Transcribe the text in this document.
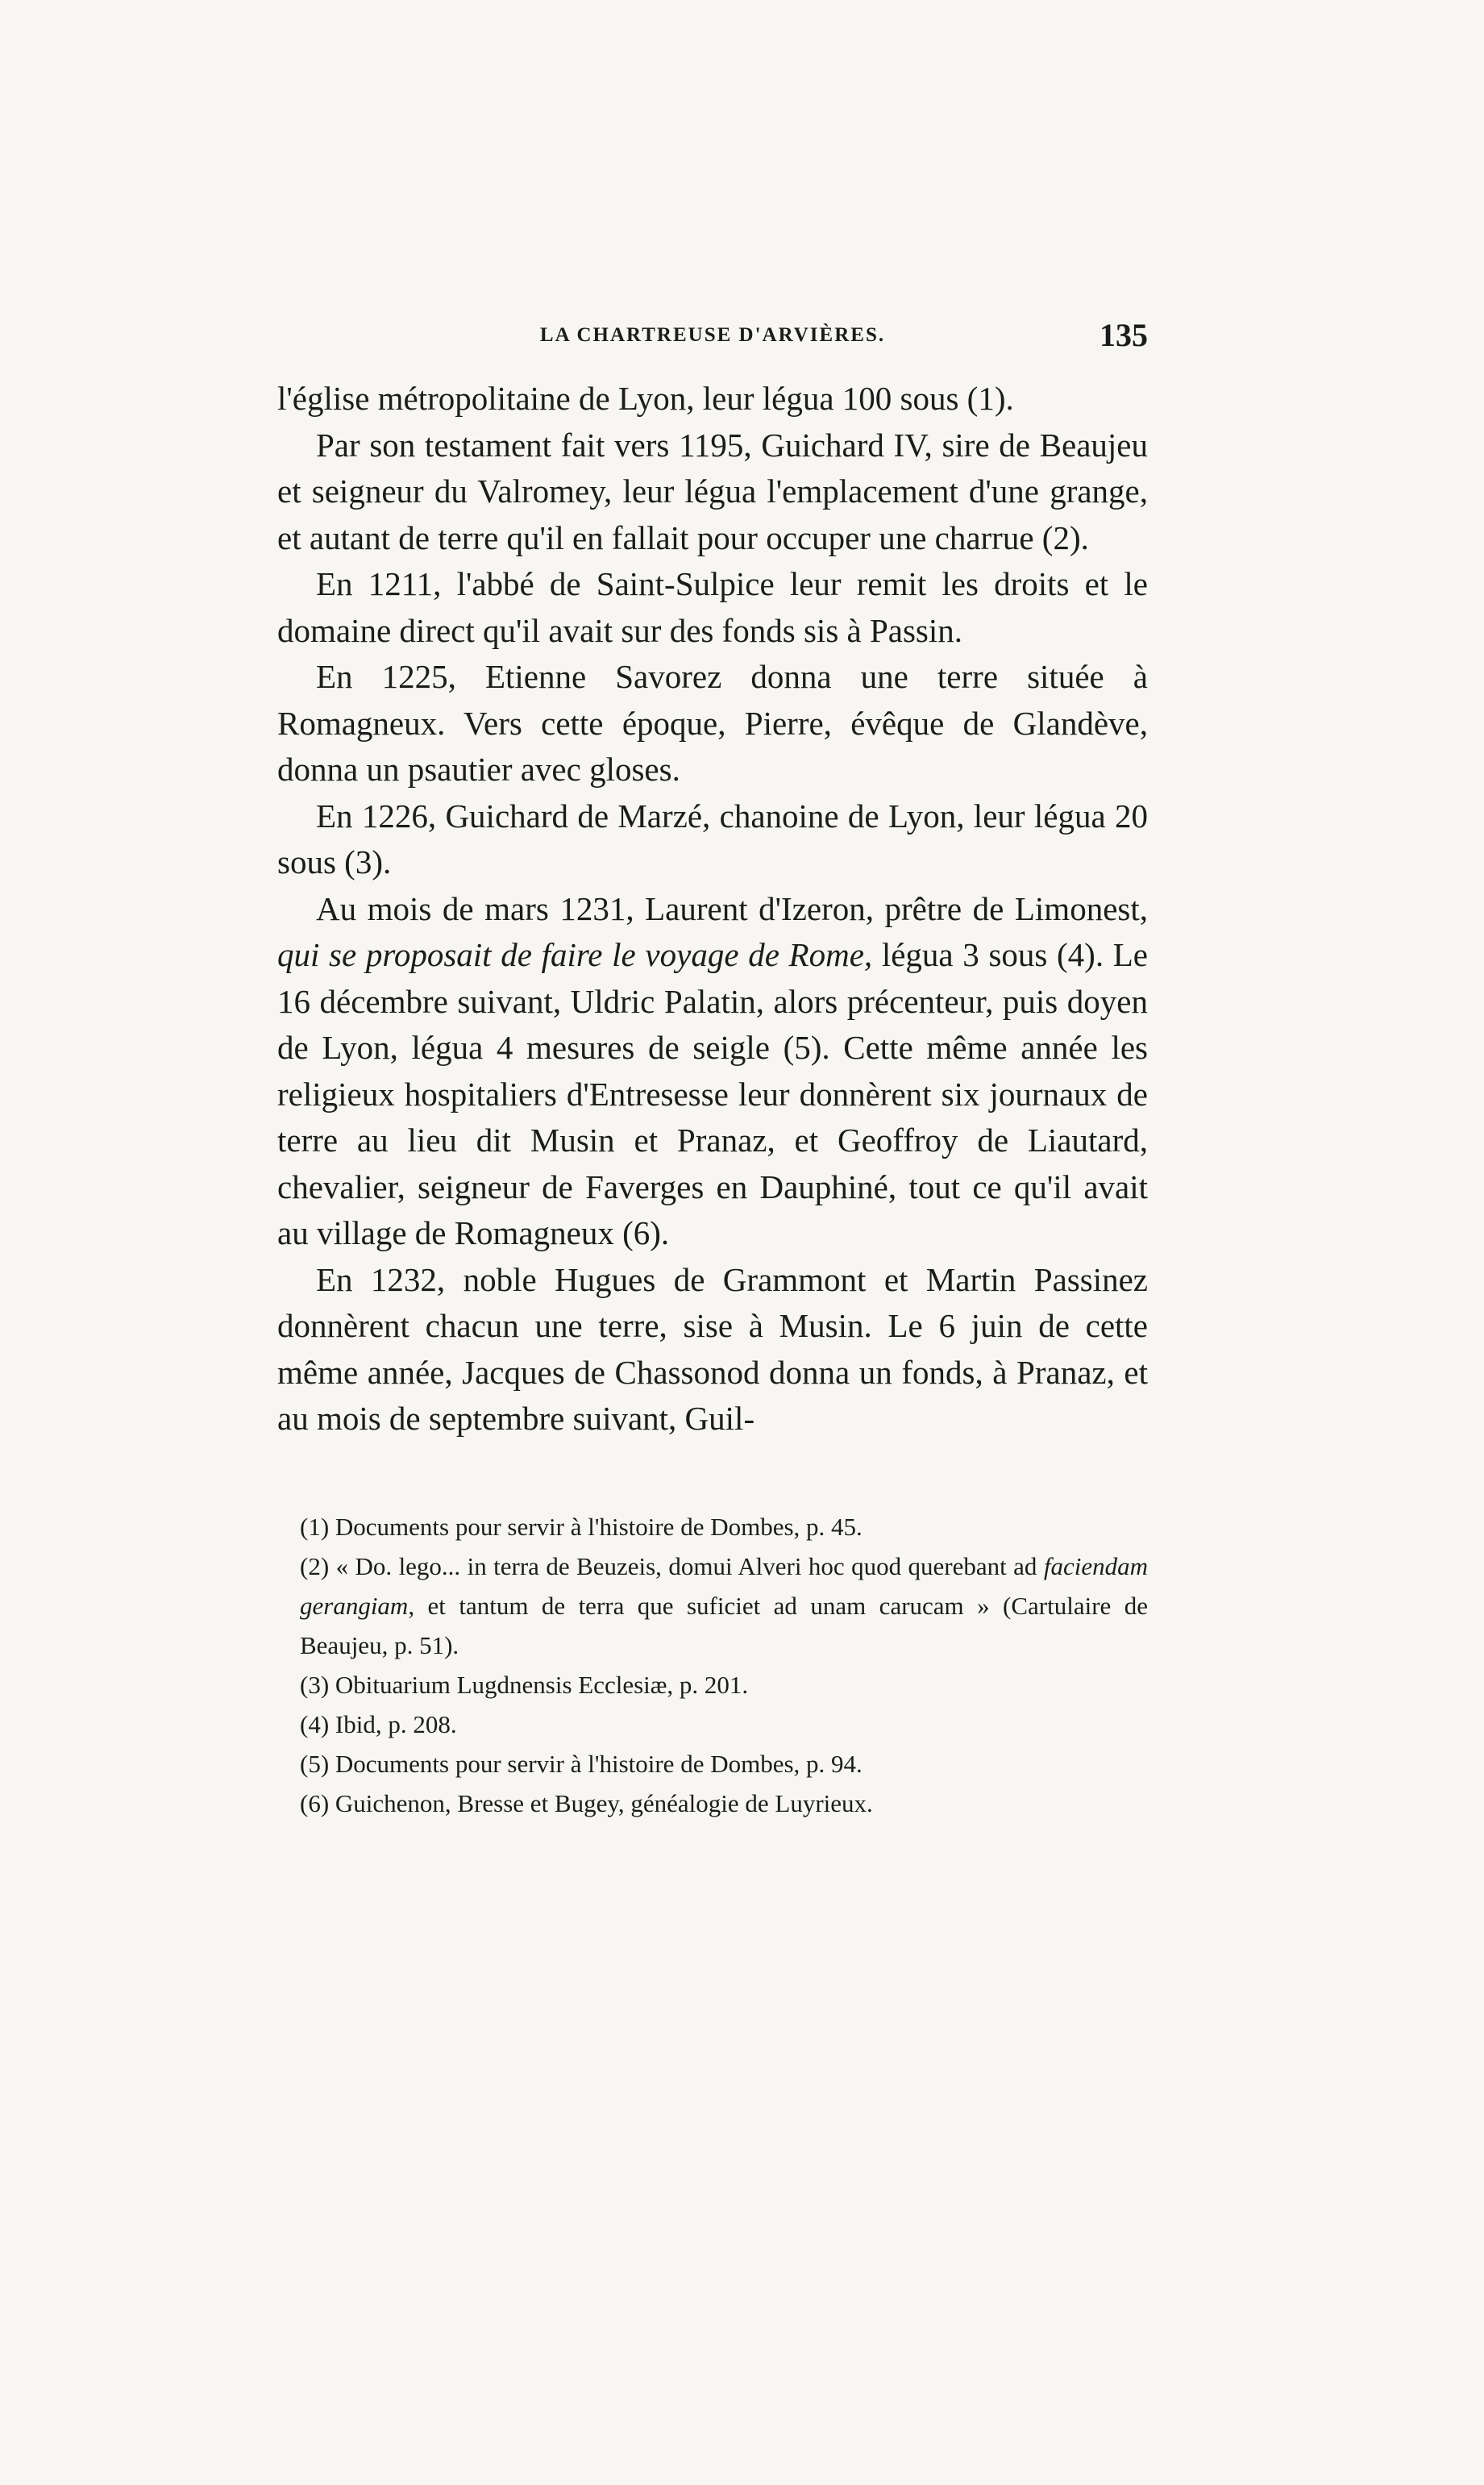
LA CHARTREUSE D'ARVIÈRES.	135

l'église métropolitaine de Lyon, leur légua 100 sous (1).

Par son testament fait vers 1195, Guichard IV, sire de Beaujeu et seigneur du Valromey, leur légua l'emplacement d'une grange, et autant de terre qu'il en fallait pour occuper une charrue (2).

En 1211, l'abbé de Saint-Sulpice leur remit les droits et le domaine direct qu'il avait sur des fonds sis à Passin.

En 1225, Etienne Savorez donna une terre située à Romagneux. Vers cette époque, Pierre, évêque de Glandève, donna un psautier avec gloses.

En 1226, Guichard de Marzé, chanoine de Lyon, leur légua 20 sous (3).

Au mois de mars 1231, Laurent d'Izeron, prêtre de Limonest, qui se proposait de faire le voyage de Rome, légua 3 sous (4). Le 16 décembre suivant, Uldric Palatin, alors précenteur, puis doyen de Lyon, légua 4 mesures de seigle (5). Cette même année les religieux hospitaliers d'Entresesse leur donnèrent six journaux de terre au lieu dit Musin et Pranaz, et Geoffroy de Liautard, chevalier, seigneur de Faverges en Dauphiné, tout ce qu'il avait au village de Romagneux (6).

En 1232, noble Hugues de Grammont et Martin Passinez donnèrent chacun une terre, sise à Musin. Le 6 juin de cette même année, Jacques de Chassonod donna un fonds, à Pranaz, et au mois de septembre suivant, Guil-

(1) Documents pour servir à l'histoire de Dombes, p. 45.

(2) « Do. lego... in terra de Beuzeis, domui Alveri hoc quod querebant ad faciendam gerangiam, et tantum de terra que suficiet ad unam carucam » (Cartulaire de Beaujeu, p. 51).

(3) Obituarium Lugdnensis Ecclesiæ, p. 201.

(4) Ibid, p. 208.

(5) Documents pour servir à l'histoire de Dombes, p. 94.

(6) Guichenon, Bresse et Bugey, généalogie de Luyrieux.
